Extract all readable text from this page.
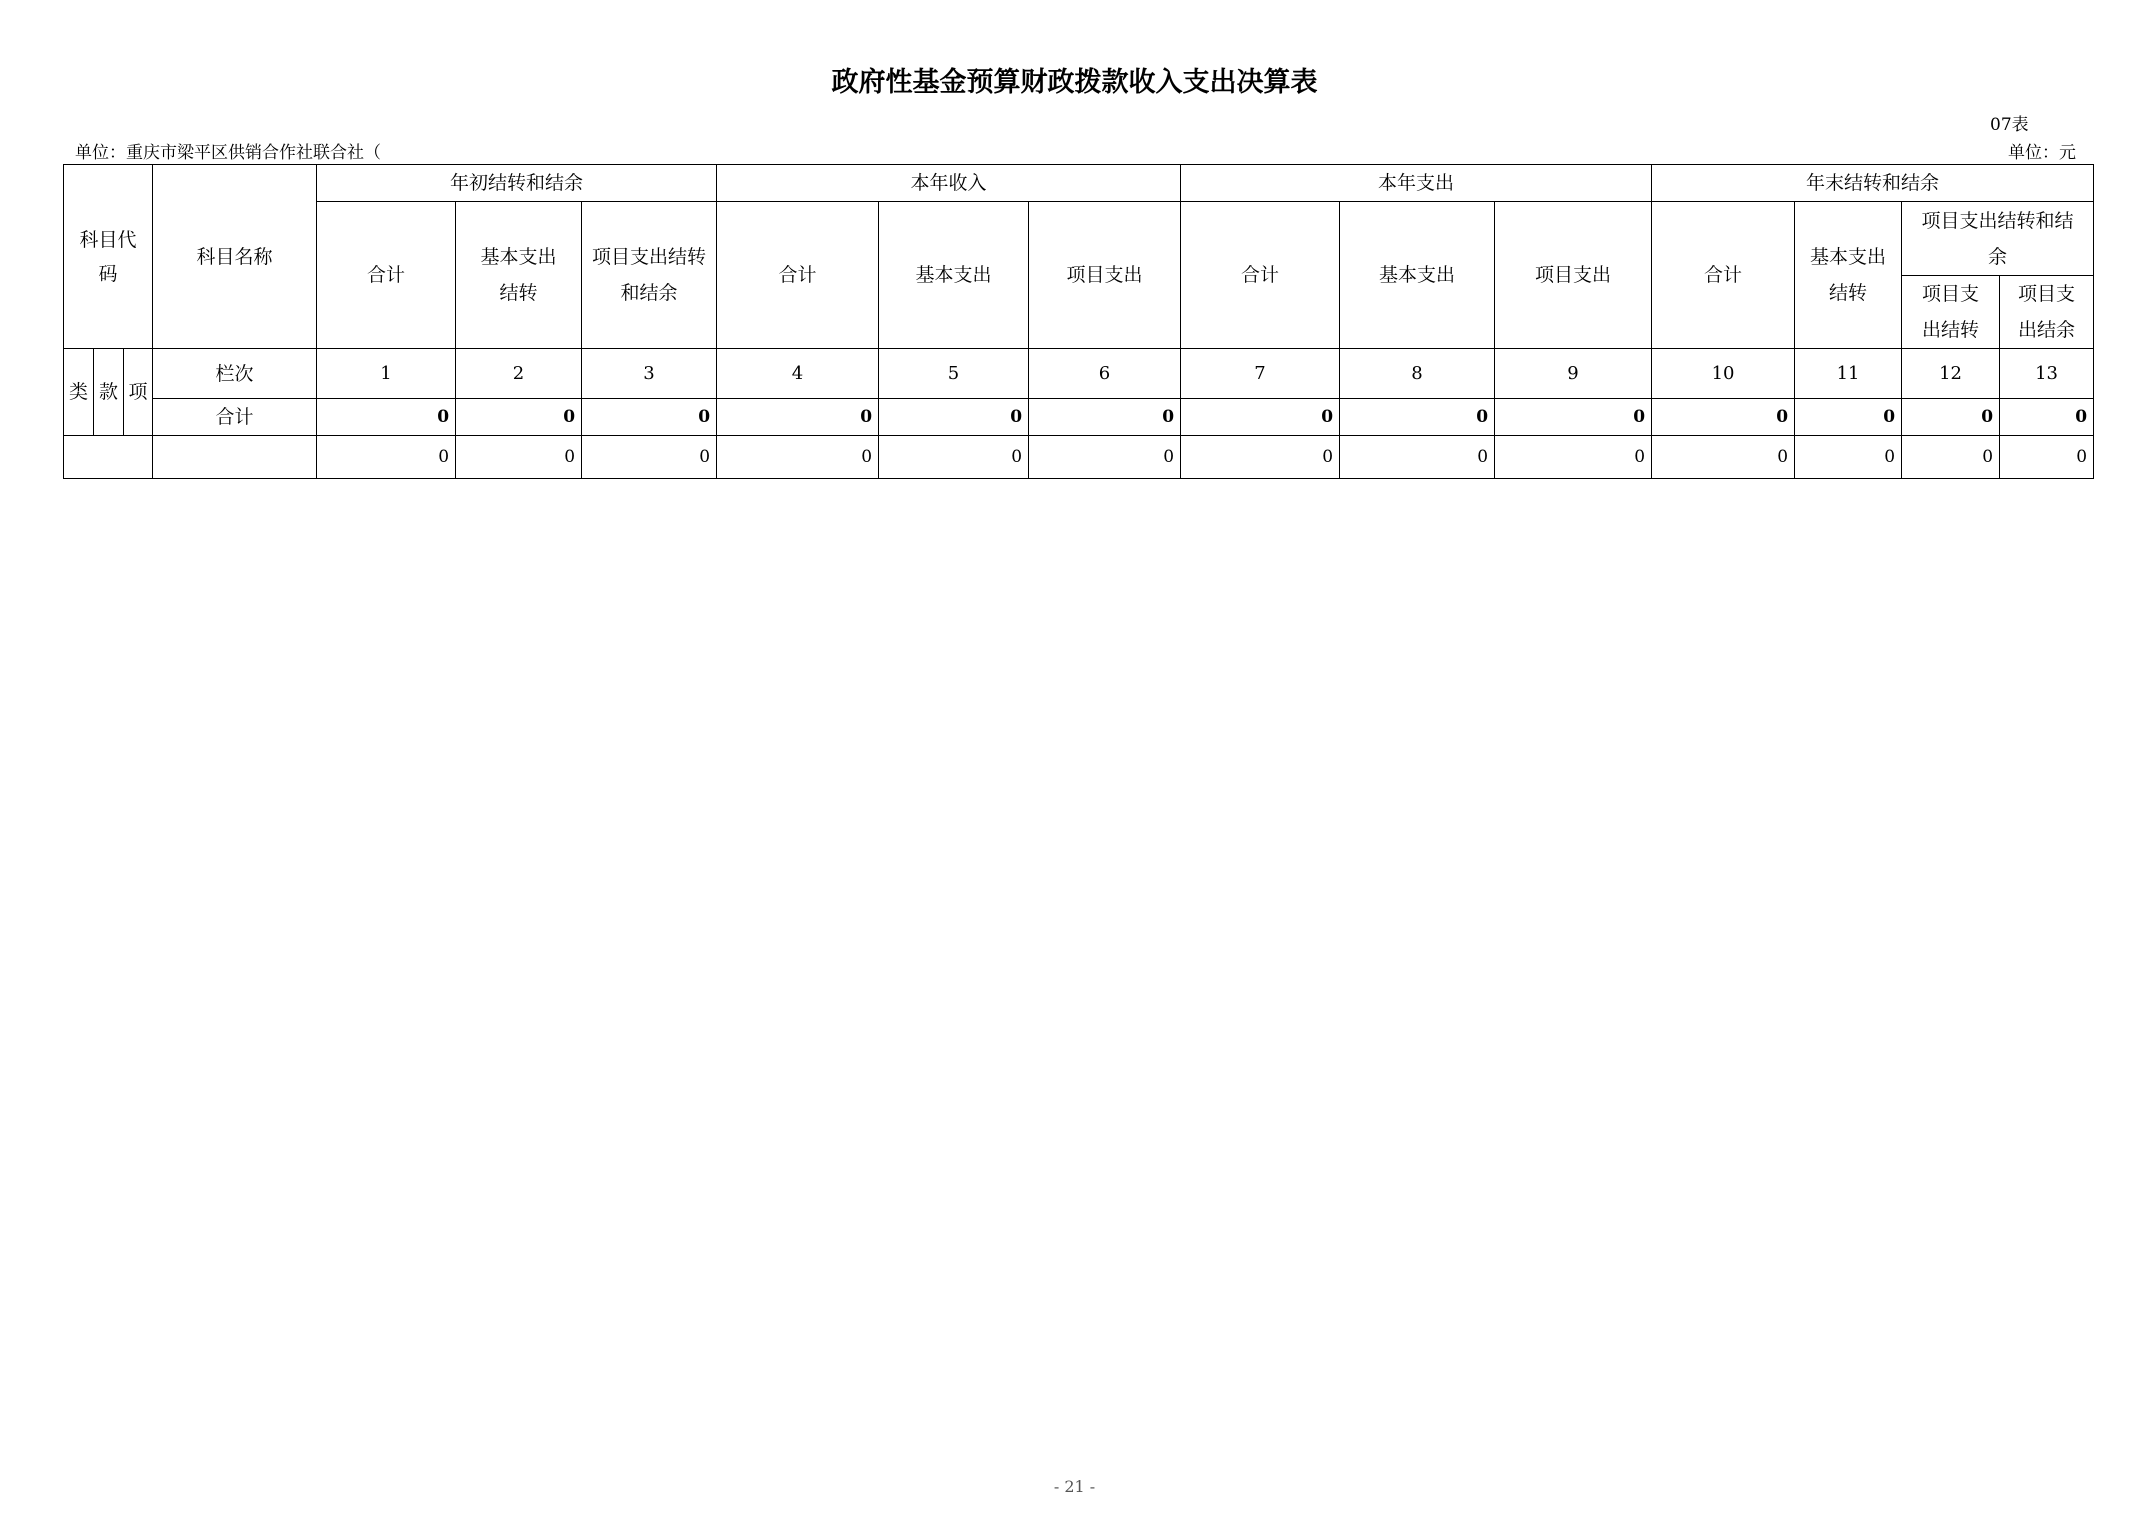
政府性基金预算财政拨款收入支出决算表
07表
单位：重庆市梁平区供销合作社联合社（	单位：元
科目代码			科目名称	年初结转和结余			本年收入			本年支出			年末结转和结余			
				合计	基本支出结转	项目支出结转和结余	合计	基本支出	项目支出	合计	基本支出	项目支出	合计	基本支出结转	项目支出结转和结余	
															项目支出结转	项目支出结余
类	款	项	栏次	1	2	3	4	5	6	7	8	9	10	11	12	13
			合计	0	0	0	0	0	0	0	0	0	0	0	0	0
				0	0	0	0	0	0	0	0	0	0	0	0	0
- 21 -
